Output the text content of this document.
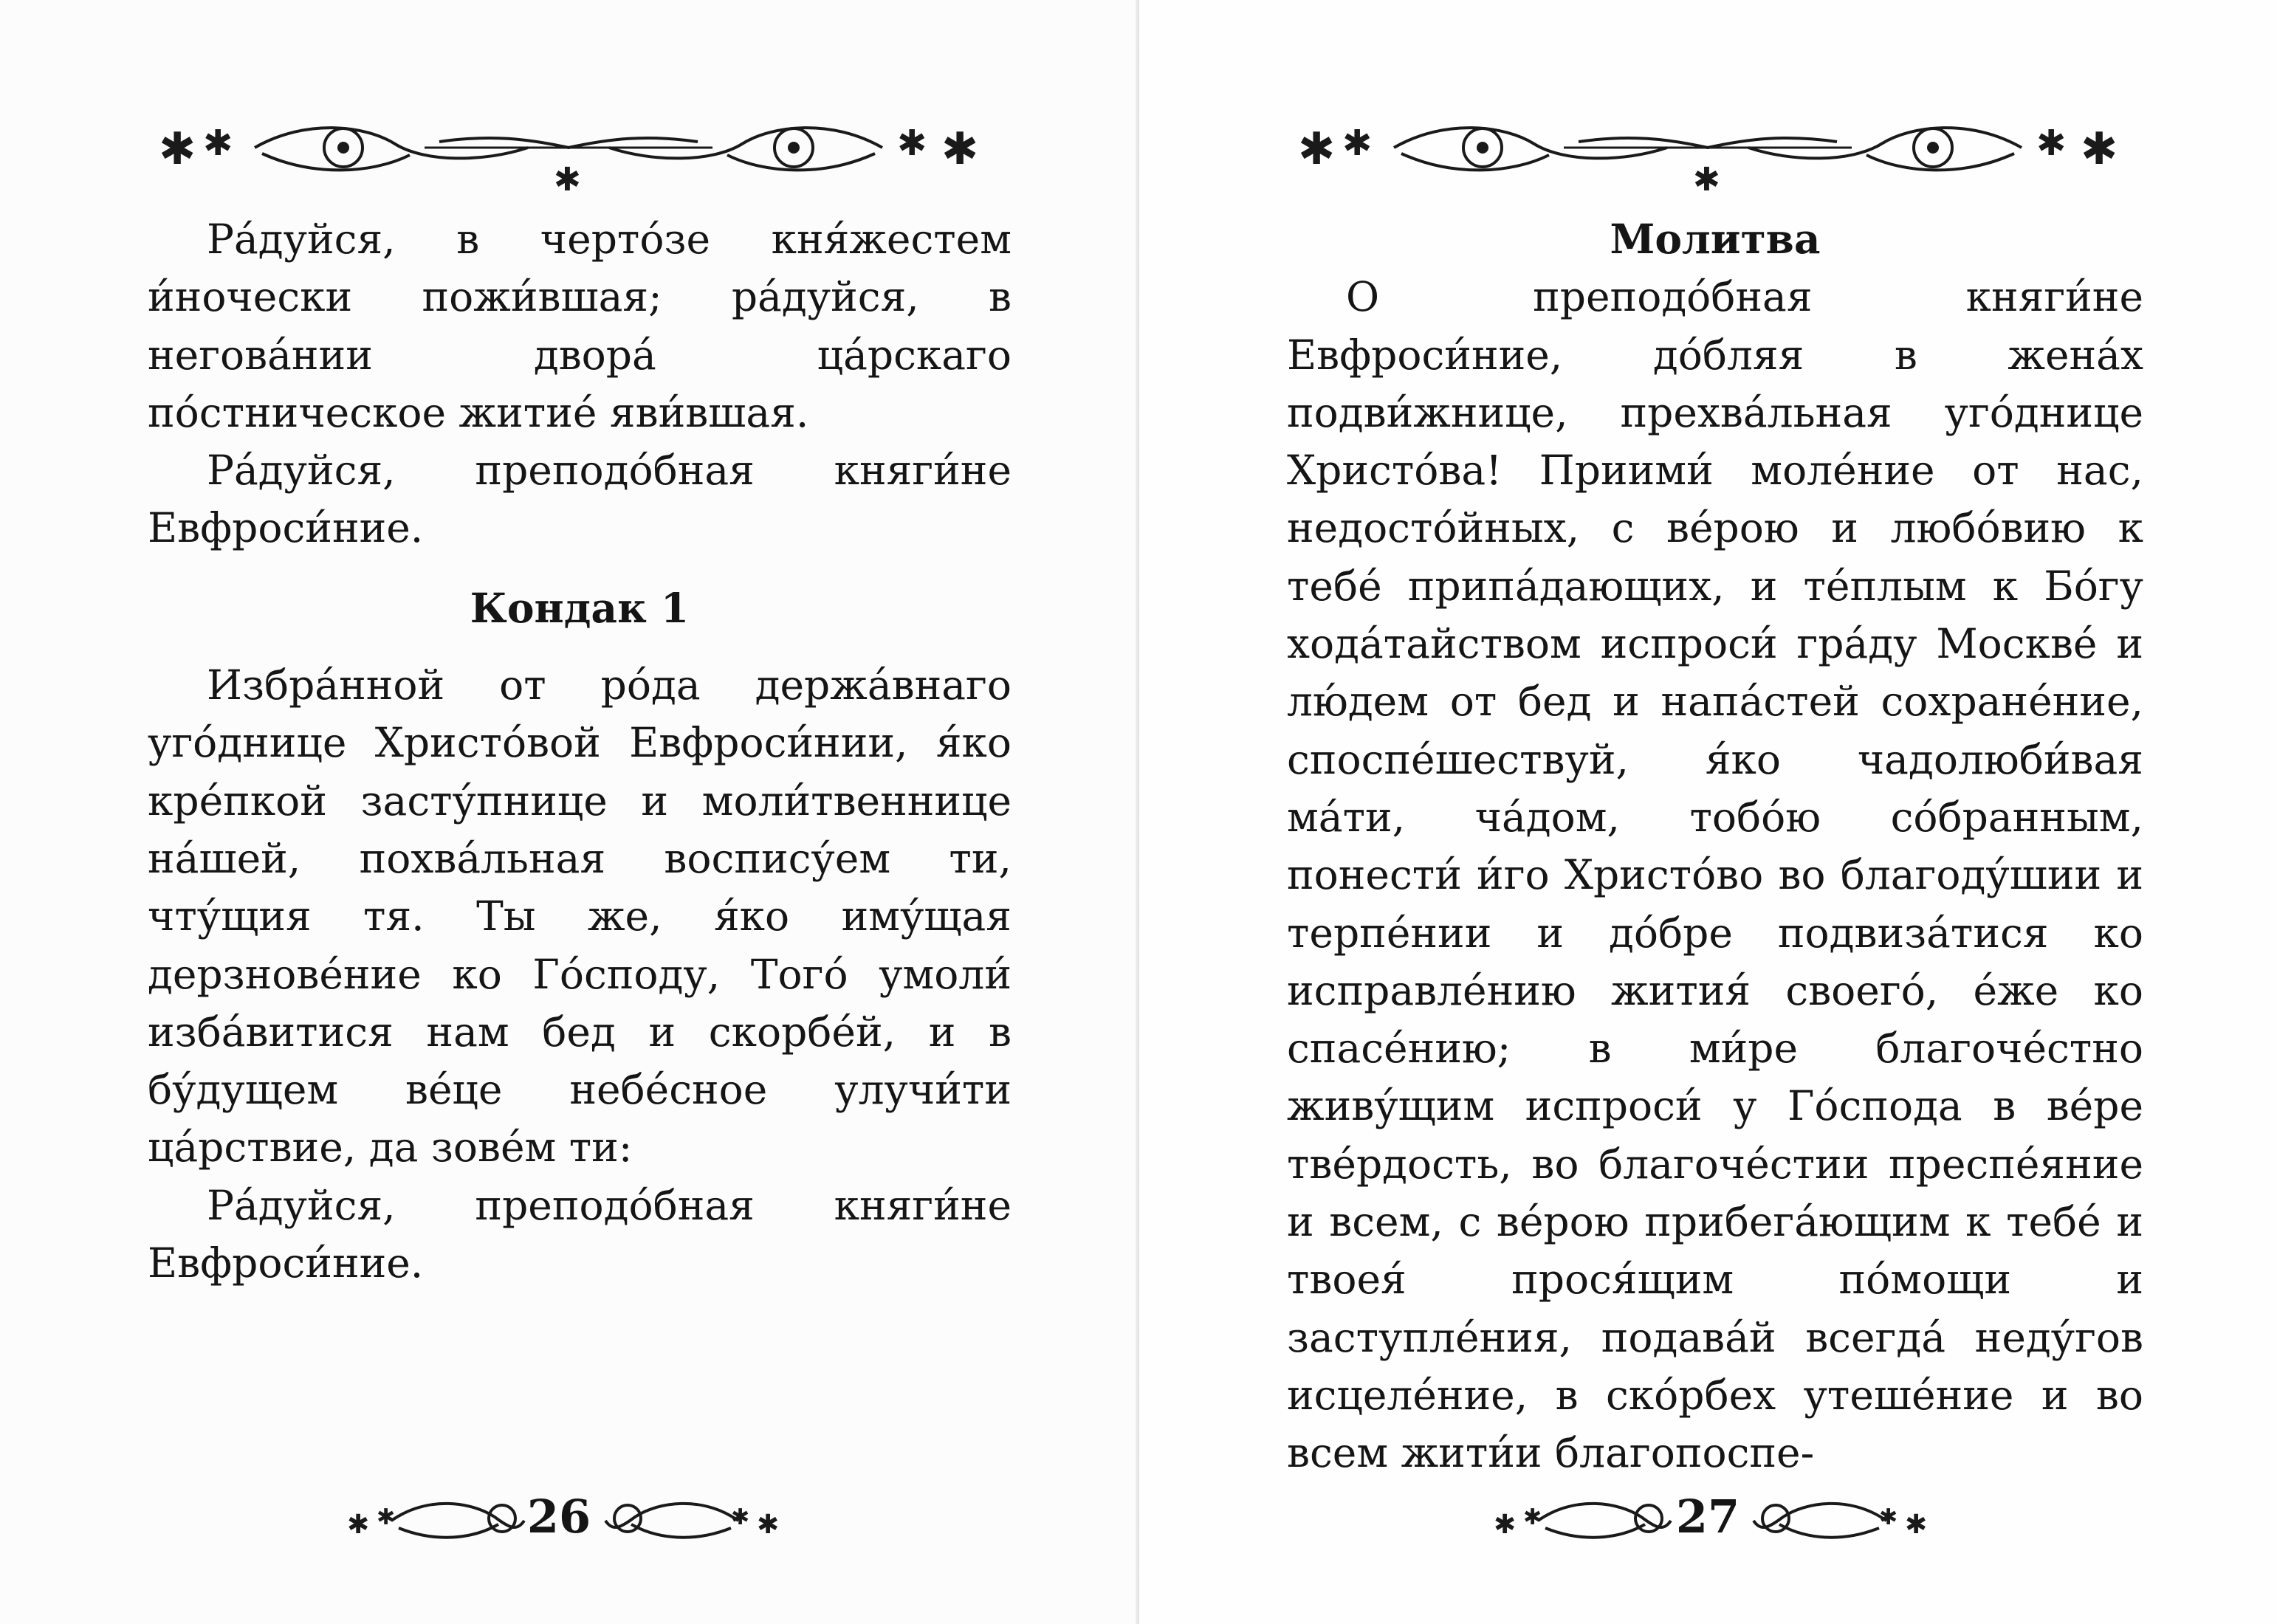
✱ ✱	✱
✱
✱

Ра́дуйся, в черто́зе кня́жестем и́ночески пожи́вшая; ра́дуйся, в негова́нии двора́ ца́рскаго по́стническое житие́ яви́вшая.

Ра́дуйся, преподо́бная княги́не Евфроси́ние.

Кондак 1

Избра́нной от ро́да держа́внаго уго́днице Христо́вой Евфроси́нии, я́ко кре́пкой засту́пнице и моли́твеннице на́шей, похва́льная воспису́ем ти, чту́щия тя. Ты же, я́ко иму́щая дерзнове́ние ко Го́споду, Того́ умоли́ изба́витися нам бед и скорбе́й, и в бу́дущем ве́це небе́сное улучи́ти ца́рствие, да зове́м ти:

Ра́дуйся, преподо́бная княги́не Евфроси́ние.

✱ ✱	26	✱
✱
✱ ✱	✱
✱
✱

Молитва

О преподо́бная княги́не Евфроси́ние, до́бляя в жена́х подви́жнице, прехва́льная уго́днице Христо́ва! Приими́ моле́ние от нас, недосто́йных, с ве́рою и любо́вию к тебе́ припа́дающих, и те́плым к Бо́гу хода́тайством испроси́ гра́ду Москве́ и лю́дем от бед и напа́стей сохране́ние, споспе́шествуй, я́ко чадолюби́вая ма́ти, ча́дом, тобо́ю со́бранным, понести́ и́го Христо́во во благоду́шии и терпе́нии и до́бре подвиза́тися ко исправле́нию жития́ своего́, е́же ко спасе́нию; в ми́ре благоче́стно живу́щим испроси́ у Го́спода в ве́ре тве́рдость, во благоче́стии преспе́яние и всем, с ве́рою прибега́ющим к тебе́ и твоея́ прося́щим по́мощи и заступле́ния, подава́й всегда́ неду́гов исцеле́ние, в ско́рбех утеше́ние и во всем жити́и благопоспе-

✱ ✱	27	✱
✱
